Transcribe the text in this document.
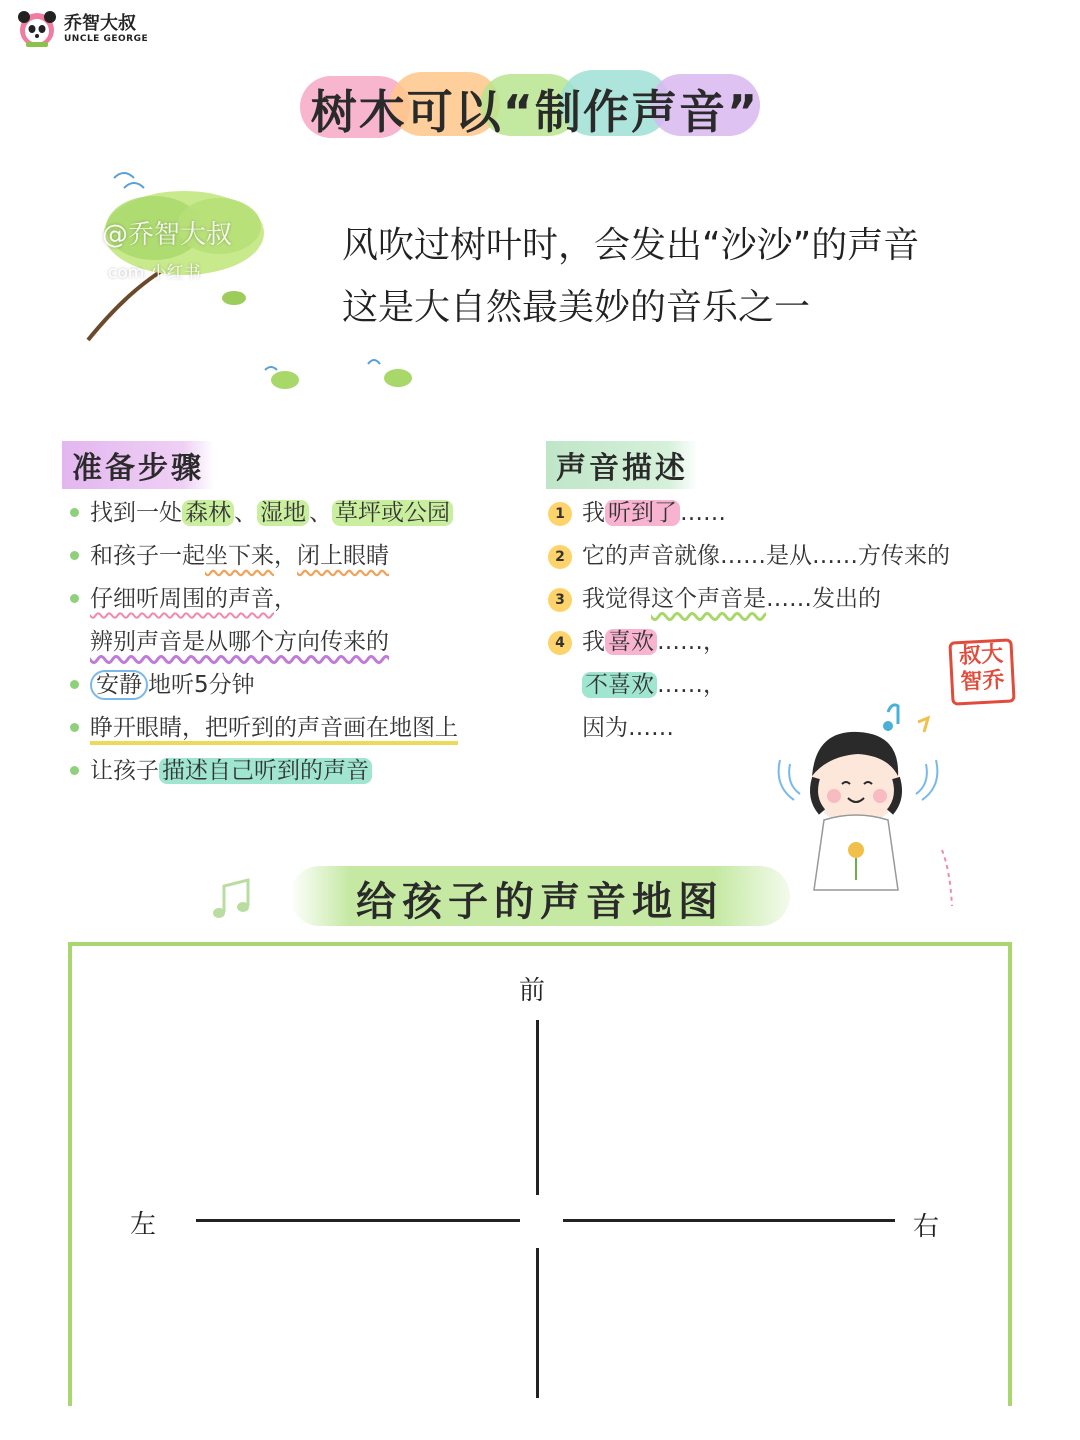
乔智大叔
UNCLE GEORGE
树木可以“制作声音”
@乔智大叔
com 小红书
风吹过树叶时，会发出“沙沙”的声音
这是大自然最美妙的音乐之一
准备步骤
找到一处 森林 、 湿地 、 草坪或公园
和孩子一起坐下来，闭上眼睛
仔细听周围的声音，
辨别声音是从哪个方向传来的
安静 地听5分钟
睁开眼睛，把听到的声音画在地图上
让孩子 描述自己听到的声音
声音描述
1 我 听到了 ……
2 它的声音就像……是从……方传来的
3 我觉得这个声音是……发出的
4 我 喜欢 ……，
不喜欢 ……，
因为……
叔大
智乔
给孩子的声音地图
前
左	右
